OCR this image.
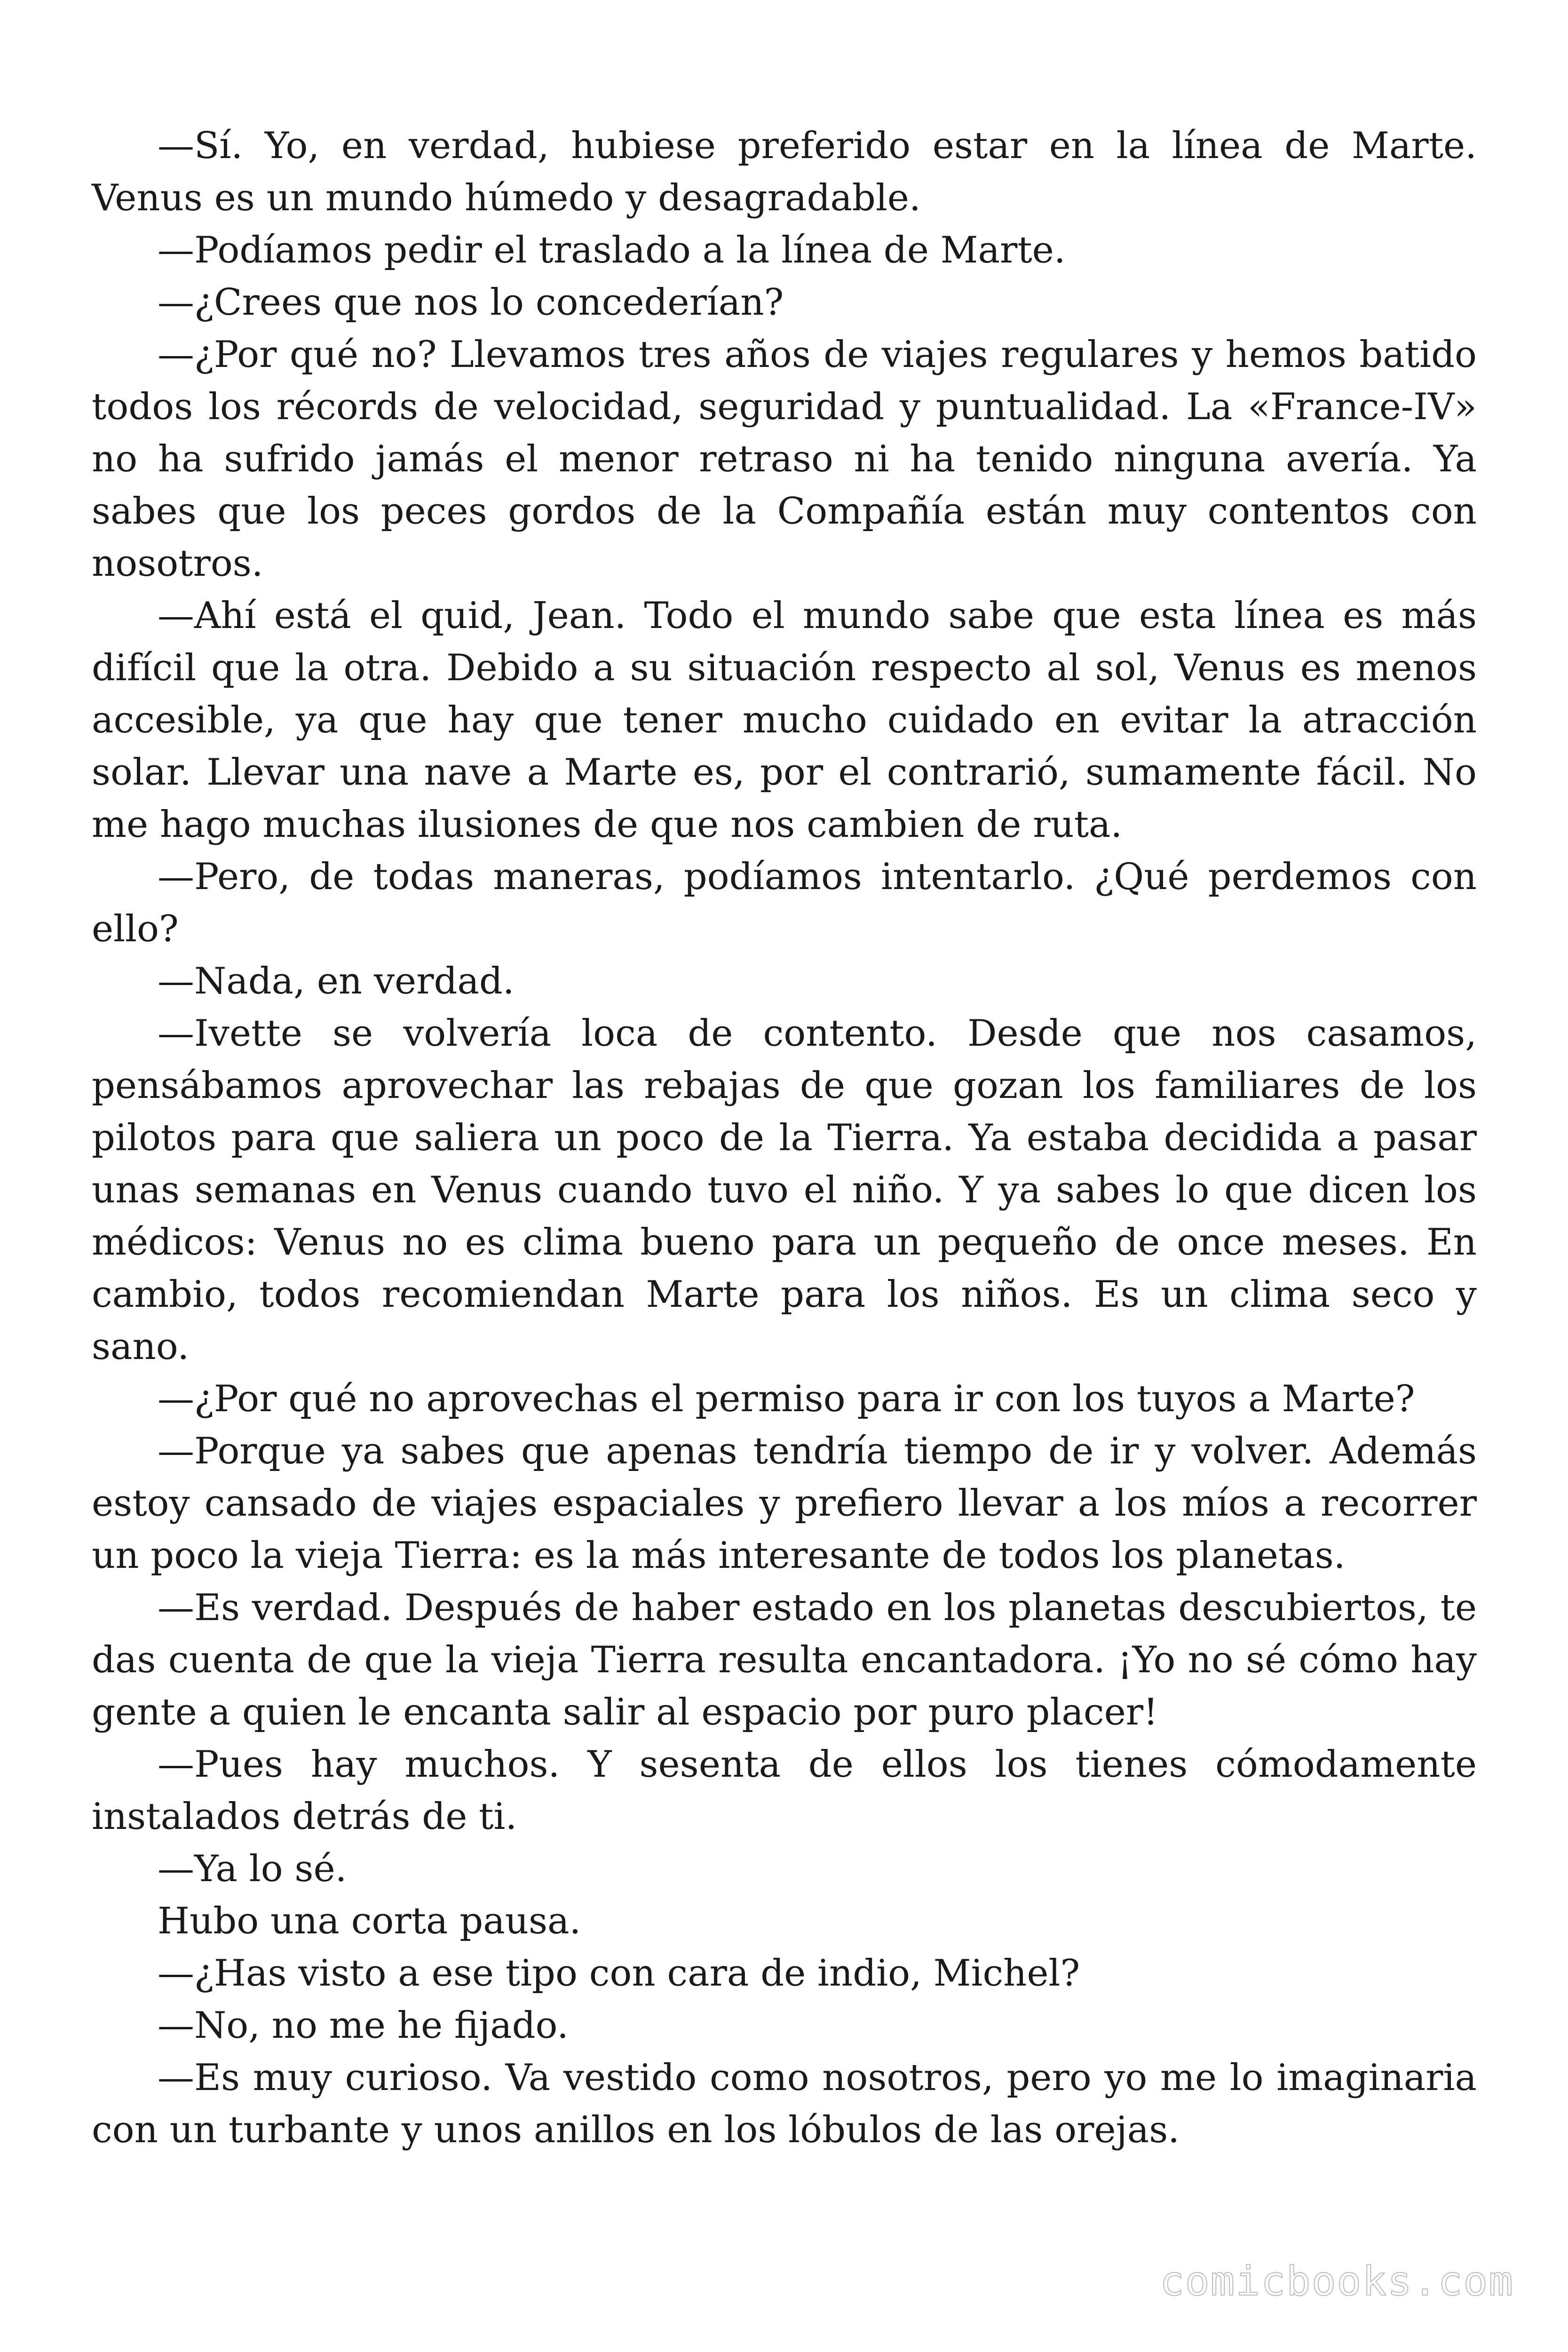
—Sí. Yo, en verdad, hubiese preferido estar en la línea de Marte. Venus es un mundo húmedo y desagradable.

—Podíamos pedir el traslado a la línea de Marte.

—¿Crees que nos lo concederían?

—¿Por qué no? Llevamos tres años de viajes regulares y hemos batido todos los récords de velocidad, seguridad y puntualidad. La «France-IV» no ha sufrido jamás el menor retraso ni ha tenido ninguna avería. Ya sabes que los peces gordos de la Compañía están muy contentos con nosotros.

—Ahí está el quid, Jean. Todo el mundo sabe que esta línea es más difícil que la otra. Debido a su situación respecto al sol, Venus es menos accesible, ya que hay que tener mucho cuidado en evitar la atracción solar. Llevar una nave a Marte es, por el contrarió, sumamente fácil. No me hago muchas ilusiones de que nos cambien de ruta.

—Pero, de todas maneras, podíamos intentarlo. ¿Qué perdemos con ello?

—Nada, en verdad.

—Ivette se volvería loca de contento. Desde que nos casamos, pensábamos aprovechar las rebajas de que gozan los familiares de los pilotos para que saliera un poco de la Tierra. Ya estaba decidida a pasar unas semanas en Venus cuando tuvo el niño. Y ya sabes lo que dicen los médicos: Venus no es clima bueno para un pequeño de once meses. En cambio, todos recomiendan Marte para los niños. Es un clima seco y sano.

—¿Por qué no aprovechas el permiso para ir con los tuyos a Marte?

—Porque ya sabes que apenas tendría tiempo de ir y volver. Además estoy cansado de viajes espaciales y prefiero llevar a los míos a recorrer un poco la vieja Tierra: es la más interesante de todos los planetas.

—Es verdad. Después de haber estado en los planetas descubiertos, te das cuenta de que la vieja Tierra resulta encantadora. ¡Yo no sé cómo hay gente a quien le encanta salir al espacio por puro placer!

—Pues hay muchos. Y sesenta de ellos los tienes cómodamente instalados detrás de ti.

—Ya lo sé.

Hubo una corta pausa.

—¿Has visto a ese tipo con cara de indio, Michel?

—No, no me he fijado.

—Es muy curioso. Va vestido como nosotros, pero yo me lo imaginaria con un turbante y unos anillos en los lóbulos de las orejas.

comicbooks.com
